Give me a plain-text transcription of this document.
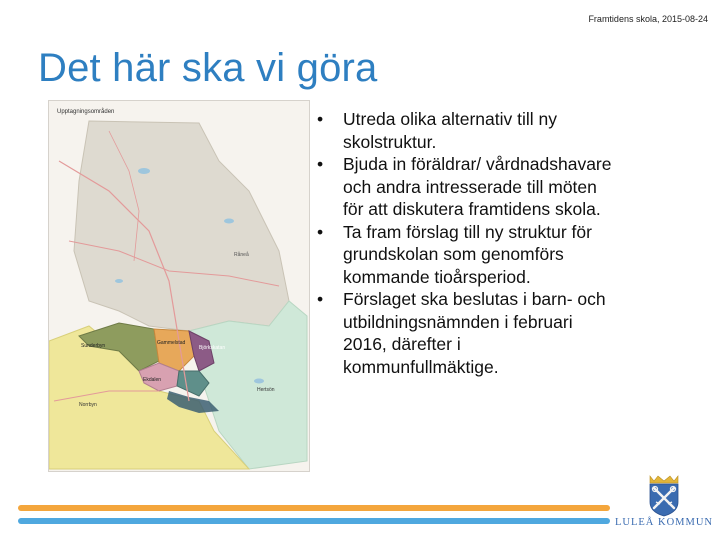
Framtidens skola, 2015-08-24
Det här ska vi göra
Upptagningsområden
Råneå
Sunderbyn	Gammelstad
Björkskatan
Ekdalen
Hertsön
Norrbyn
•	Utreda olika alternativ till ny skolstruktur.
•	Bjuda in föräldrar/ vårdnadshavare och andra intresserade till möten för att diskutera framtidens skola.
•	Ta fram förslag till ny struktur för grundskolan som genomförs kommande tioårsperiod.
•	Förslaget ska beslutas i barn- och utbildningsnämnden i februari 2016, därefter i kommunfullmäktige.
LULEÅ KOMMUN
